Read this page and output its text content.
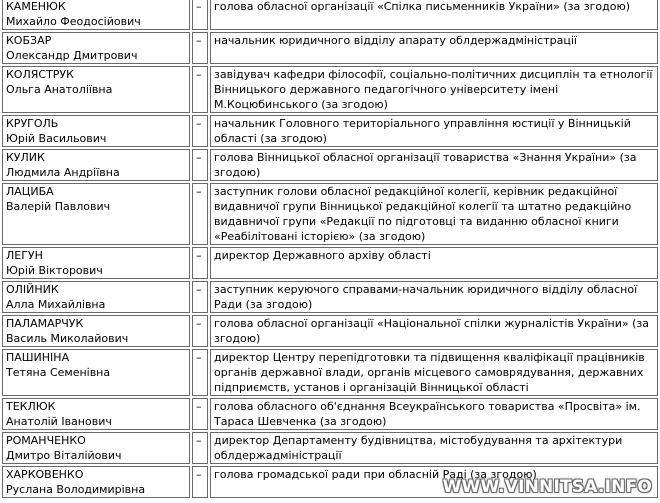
КАМЕНЮК
Михайло Феодосійович	–	голова обласної організації «Спілка письменників України» (за згодою)

КОБЗАР
Олександр Дмитрович	–	начальник юридичного відділу апарату облдержадміністрації

КОЛЯСТРУК
Ольга Анатоліївна	–	завідувач кафедри філософії, соціально-політичних дисциплін та етнології Вінницького державного педагогічного університету імені М.Коцюбинського (за згодою)

КРУГОЛЬ
Юрій Васильович	–	начальник Головного територіального управління юстиції у Вінницькій області (за згодою)

КУЛИК
Людмила Андріївна	–	голова Вінницької обласної організації товариства «Знання України» (за згодою)

ЛАЦИБА
Валерій Павлович	–	заступник голови обласної редакційної колегії, керівник редакційної видавничої групи Вінницької редакційної колегії та штатно редакційно видавничої групи «Редакції по підготовці та виданню обласної книги «Реабілітовані історією» (за згодою)

ЛЕГУН
Юрій Вікторович	–	директор Державного архіву області

ОЛІЙНИК
Алла Михайлівна	–	заступник керуючого справами-начальник юридичного відділу обласної Ради (за згодою)

ПАЛАМАРЧУК
Василь Миколайович	–	голова обласної організації «Національної спілки журналістів України» (за згодою)

ПАШИНІНА
Тетяна Семенівна	–	директор Центру перепідготовки та підвищення кваліфікації працівників органів державної влади, органів місцевого самоврядування, державних підприємств, установ і організацій Вінницької області

ТЕКЛЮК
Анатолій Іванович	–	голова обласного об'єднання Всеукраїнського товариства «Просвіта» ім. Тараса Шевченка (за згодою)

РОМАНЧЕНКО
Дмитро Віталійович	–	директор Департаменту будівництва, містобудування та архітектури облдержадміністрації

ХАРКОВЕНКО
Руслана Володимирівна	–	голова громадської ради при обласній Раді (за згодою)
WWW.VINNITSA.INFO
